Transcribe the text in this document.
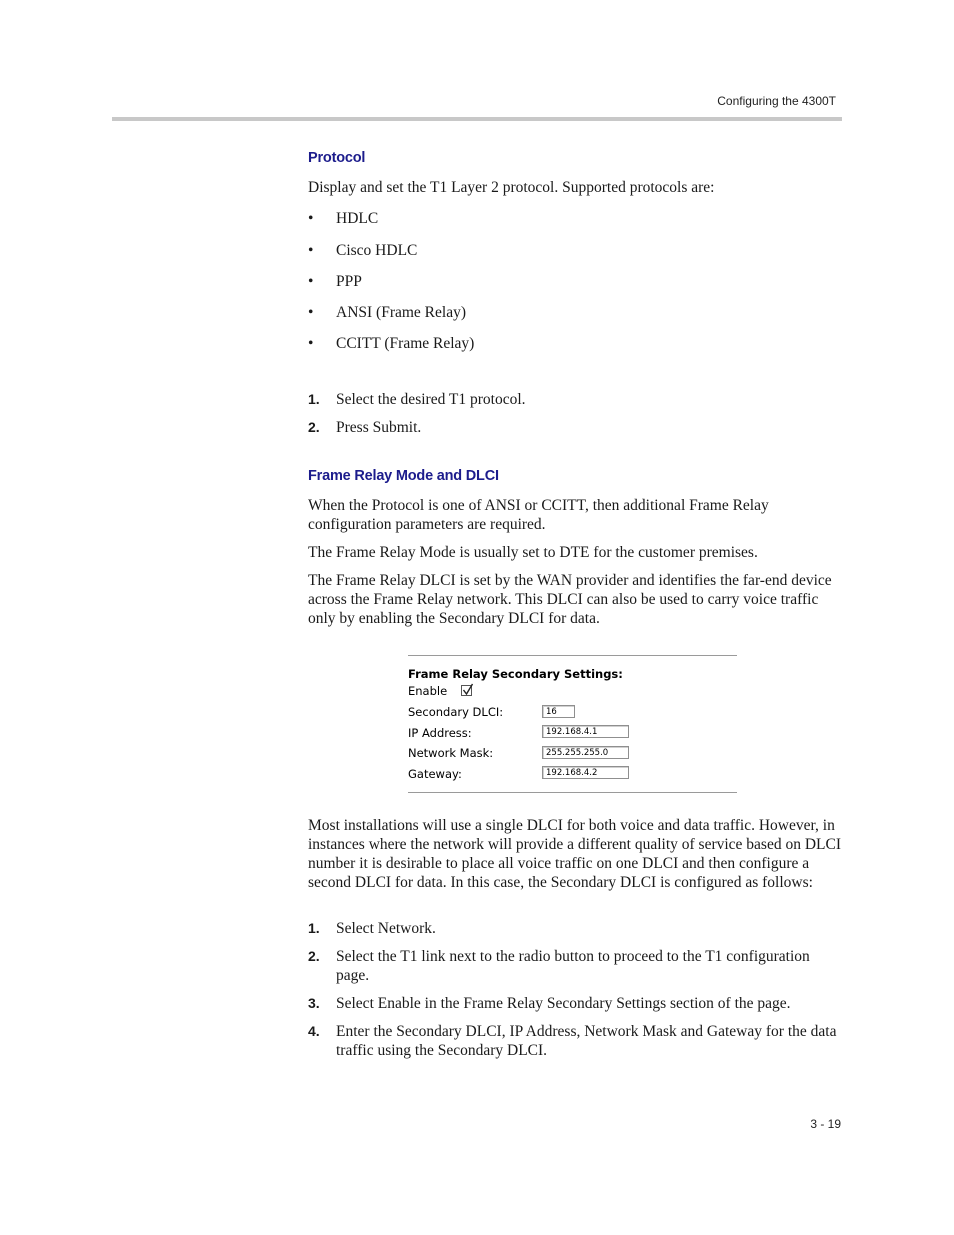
Configuring the 4300T
Protocol
Display and set the T1 Layer 2 protocol. Supported protocols are:
• HDLC
• Cisco HDLC
• PPP
• ANSI (Frame Relay)
• CCITT (Frame Relay)
1. Select the desired T1 protocol.
2. Press Submit.
Frame Relay Mode and DLCI
When the Protocol is one of ANSI or CCITT, then additional Frame Relay configuration parameters are required.
The Frame Relay Mode is usually set to DTE for the customer premises.
The Frame Relay DLCI is set by the WAN provider and identifies the far-end device across the Frame Relay network. This DLCI can also be used to carry voice traffic only by enabling the Secondary DLCI for data.
Most installations will use a single DLCI for both voice and data traffic. However, in instances where the network will provide a different quality of service based on DLCI number it is desirable to place all voice traffic on one DLCI and then configure a second DLCI for data. In this case, the Secondary DLCI is configured as follows:
1. Select Network.
2. Select the T1 link next to the radio button to proceed to the T1 configuration page.
3. Select Enable in the Frame Relay Secondary Settings section of the page.
4. Enter the Secondary DLCI, IP Address, Network Mask and Gateway for the data traffic using the Secondary DLCI.
Frame Relay Secondary Settings:
Enable
Secondary DLCI:	16
IP Address:	192.168.4.1
Network Mask:	255.255.255.0
Gateway:	192.168.4.2
3 - 19
